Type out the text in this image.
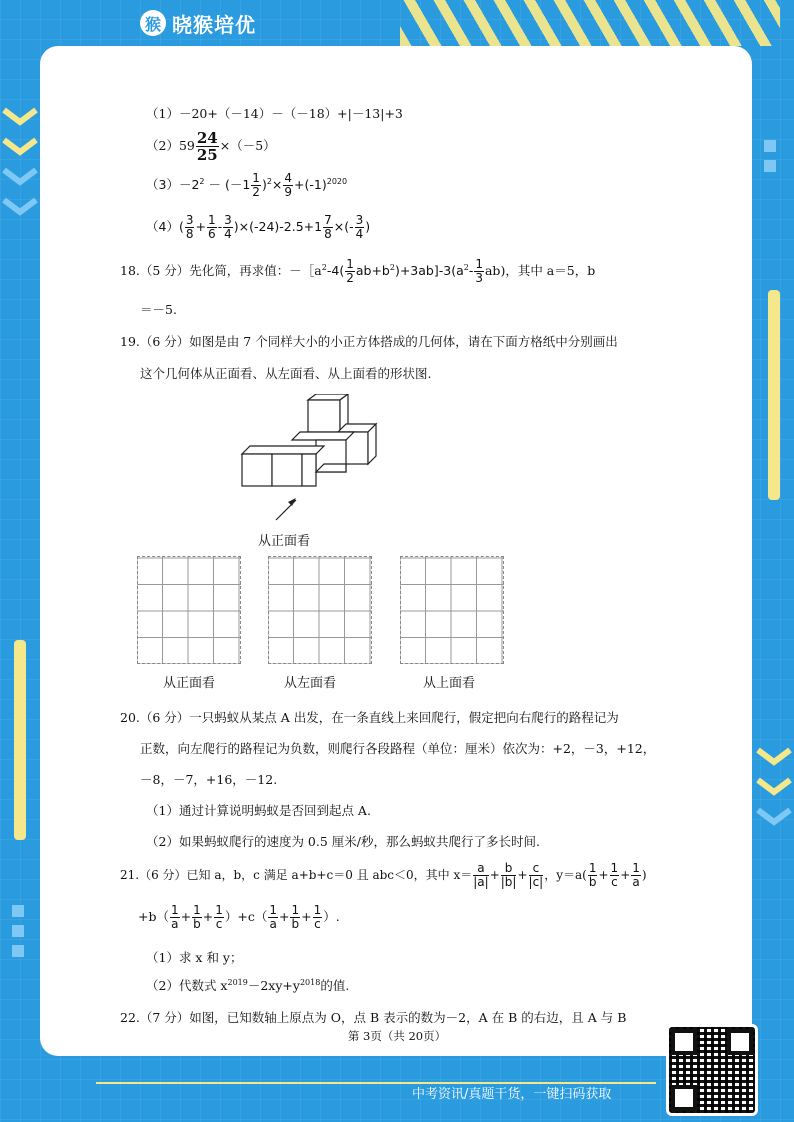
猴 晓猴培优
（1）－20+（－14）－（－18）+|－13|+3
$(2)59 \frac{24}{25} \times(-5)$
$(3)-2^2 - (-1 \frac{1}{2} )^2\times \frac{4}{9} +(-1)^{2020}$
$(4)( \frac{3}{8} + \frac{1}{6} - \frac{3}{4} )\times(-24)-2.5+1 \frac{7}{8}$ ×(- $\frac{3}{4}$ )
18.（5 分）先化简，再求值：$-[a^2-4( \frac{1}{2} ab+b^2)+3ab]-3(a^2- \frac{1}{3} ab)$，其中 a＝5，b
＝－5.
19.（6 分）如图是由 7 个同样大小的小正方体搭成的几何体，请在下面方格纸中分别画出
这个几何体从正面看、从左面看、从上面看的形状图.
从正面看
从正面看	从左面看	从上面看
20.（6 分）一只蚂蚁从某点 A 出发，在一条直线上来回爬行，假定把向右爬行的路程记为
正数，向左爬行的路程记为负数，则爬行各段路程（单位：厘米）依次为：+2，－3，+12，
－8，－7，+16，－12.
（1）通过计算说明蚂蚁是否回到起点 A.
（2）如果蚂蚁爬行的速度为 0.5 厘米/秒，那么蚂蚁共爬行了多长时间.
21.（6 分）已知 a，b，c 满足 a+b+c＝0 且 abc＜0，其中 $x= \frac{a}{|a|} + \frac{b}{|b|} + \frac{c}{|c|}$ ，$y=a( \frac{1}{b} + \frac{1}{c} + \frac{1}{a}$ )
$+b( \frac{1}{a} + \frac{1}{b} + \frac{1}{c} )+c( \frac{1}{a} + \frac{1}{b} + \frac{1}{c}$ ）.
（1）求 x 和 y；
（2）代数式 $x^{2019}-2xy+y^{2018}$的值.
22.（7 分）如图，已知数轴上原点为 O，点 B 表示的数为－2，A 在 B 的右边，且 A 与 B
第 3页（共 20页）
中考资讯/真题干货，一键扫码获取
